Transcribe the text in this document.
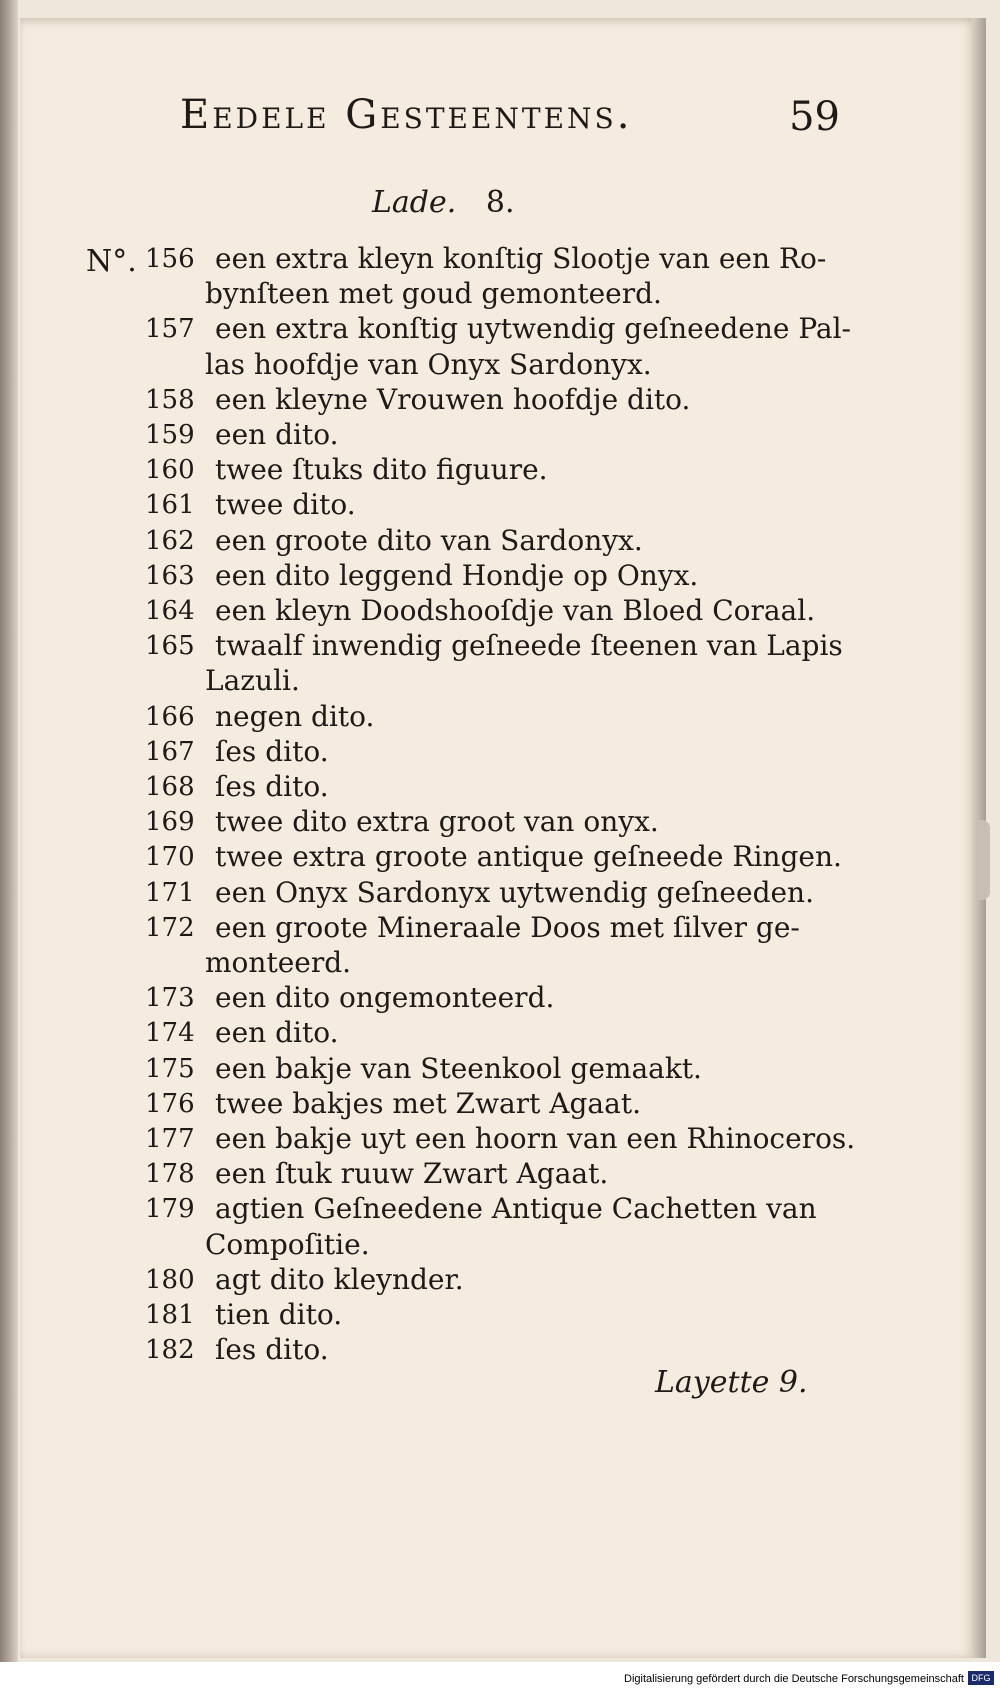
Eedele Gesteentens.	59
Lade. 8.
N°. 156 een extra kleyn konſtig Slootje van een Ro-
bynſteen met goud gemonteerd.
157 een extra konſtig uytwendig geſneedene Pal-
las hoofdje van Onyx Sardonyx.
158 een kleyne Vrouwen hoofdje dito.
159 een dito.
160 twee ſtuks dito figuure.
161 twee dito.
162 een groote dito van Sardonyx.
163 een dito leggend Hondje op Onyx.
164 een kleyn Doodshooſdje van Bloed Coraal.
165 twaalf inwendig geſneede ſteenen van Lapis
Lazuli.
166 negen dito.
167 ſes dito.
168 ſes dito.
169 twee dito extra groot van onyx.
170 twee extra groote antique geſneede Ringen.
171 een Onyx Sardonyx uytwendig geſneeden.
172 een groote Mineraale Doos met ſilver ge-
monteerd.
173 een dito ongemonteerd.
174 een dito.
175 een bakje van Steenkool gemaakt.
176 twee bakjes met Zwart Agaat.
177 een bakje uyt een hoorn van een Rhinoceros.
178 een ſtuk ruuw Zwart Agaat.
179 agtien Geſneedene Antique Cachetten van
Compoſitie.
180 agt dito kleynder.
181 tien dito.
182 ſes dito.
Layette 9.
Digitalisierung gefördert durch die Deutsche Forschungsgemeinschaft DFG
